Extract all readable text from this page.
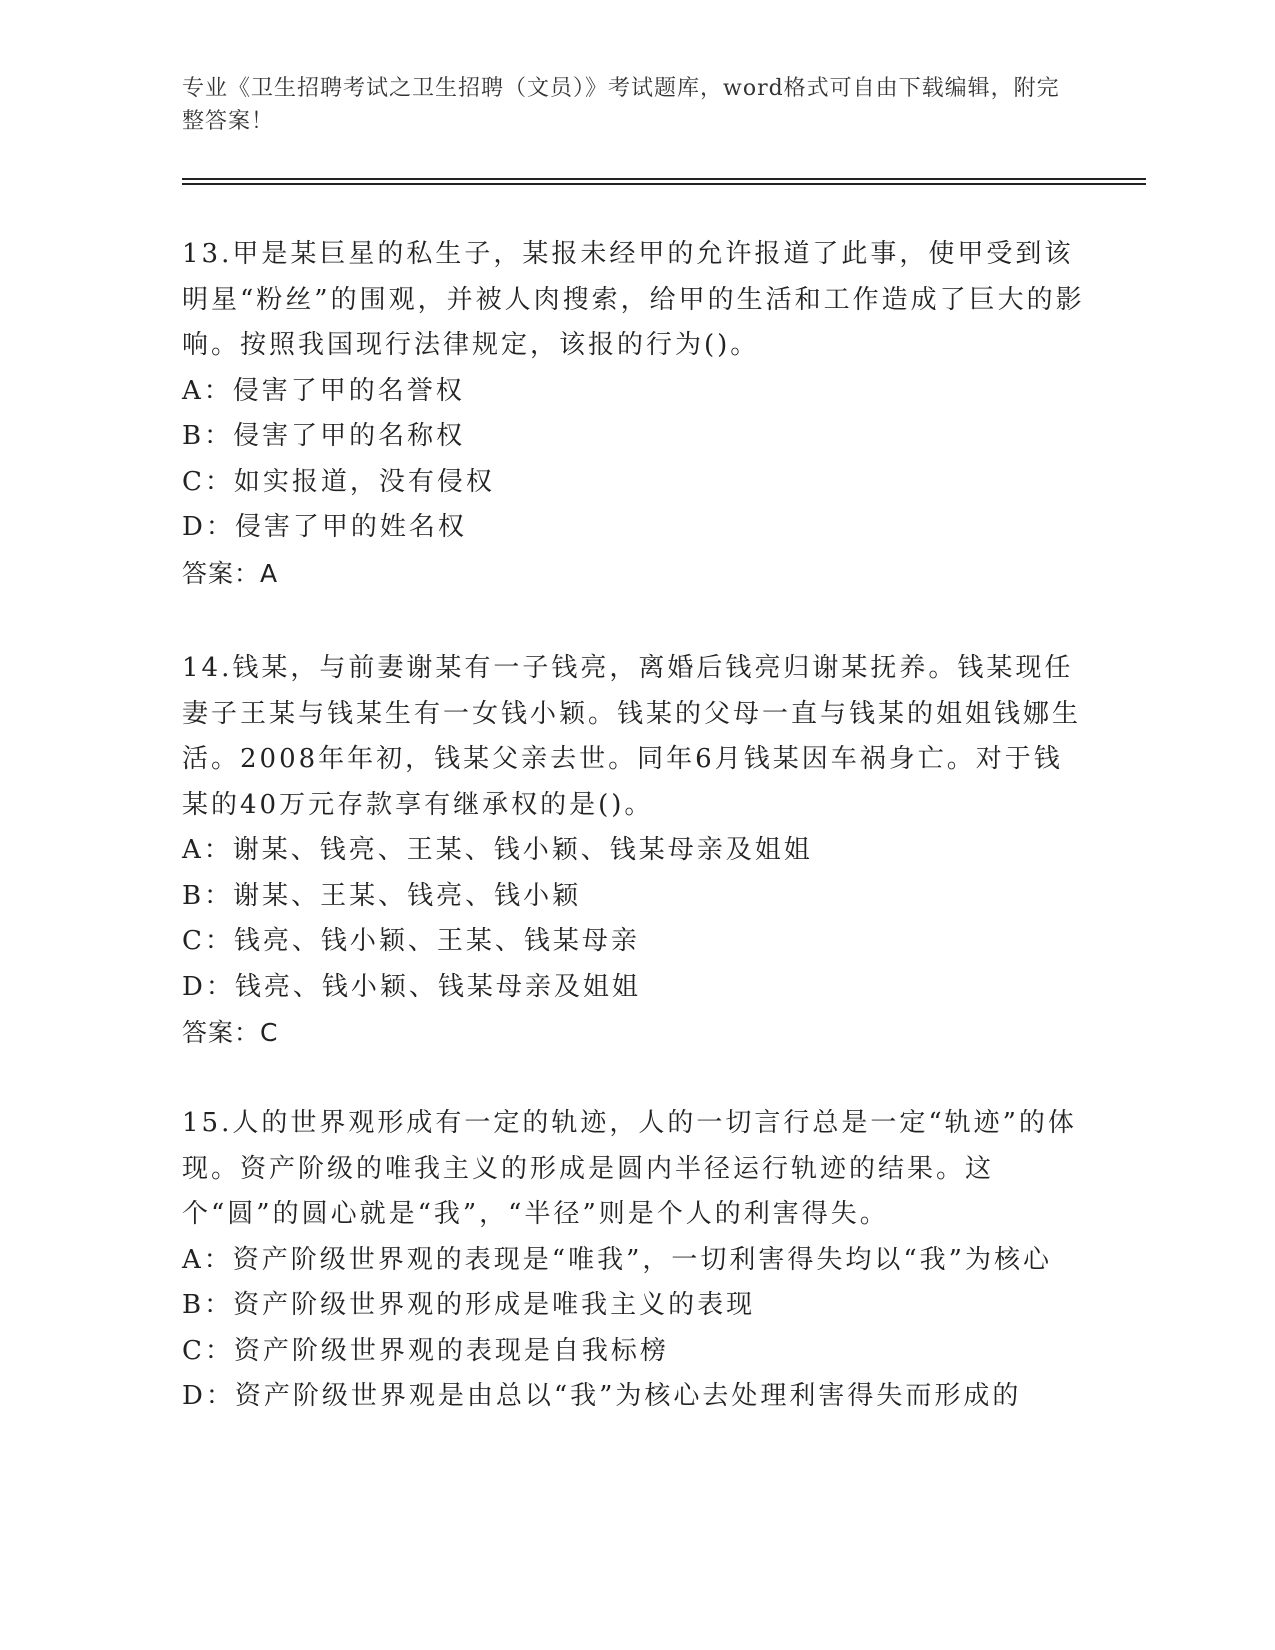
专业《卫生招聘考试之卫生招聘（文员）》考试题库，word格式可自由下载编辑，附完整答案！

13.甲是某巨星的私生子，某报未经甲的允许报道了此事，使甲受到该明星“粉丝”的围观，并被人肉搜索，给甲的生活和工作造成了巨大的影响。按照我国现行法律规定，该报的行为()。

A：侵害了甲的名誉权

B：侵害了甲的名称权

C：如实报道，没有侵权

D：侵害了甲的姓名权

答案：A

14.钱某，与前妻谢某有一子钱亮，离婚后钱亮归谢某抚养。钱某现任妻子王某与钱某生有一女钱小颖。钱某的父母一直与钱某的姐姐钱娜生活。2008年年初，钱某父亲去世。同年6月钱某因车祸身亡。对于钱某的40万元存款享有继承权的是()。

A：谢某、钱亮、王某、钱小颖、钱某母亲及姐姐

B：谢某、王某、钱亮、钱小颖

C：钱亮、钱小颖、王某、钱某母亲

D：钱亮、钱小颖、钱某母亲及姐姐

答案：C

15.人的世界观形成有一定的轨迹，人的一切言行总是一定“轨迹”的体现。资产阶级的唯我主义的形成是圆内半径运行轨迹的结果。这个“圆”的圆心就是“我”，“半径”则是个人的利害得失。

A：资产阶级世界观的表现是“唯我”，一切利害得失均以“我”为核心

B：资产阶级世界观的形成是唯我主义的表现

C：资产阶级世界观的表现是自我标榜

D：资产阶级世界观是由总以“我”为核心去处理利害得失而形成的
